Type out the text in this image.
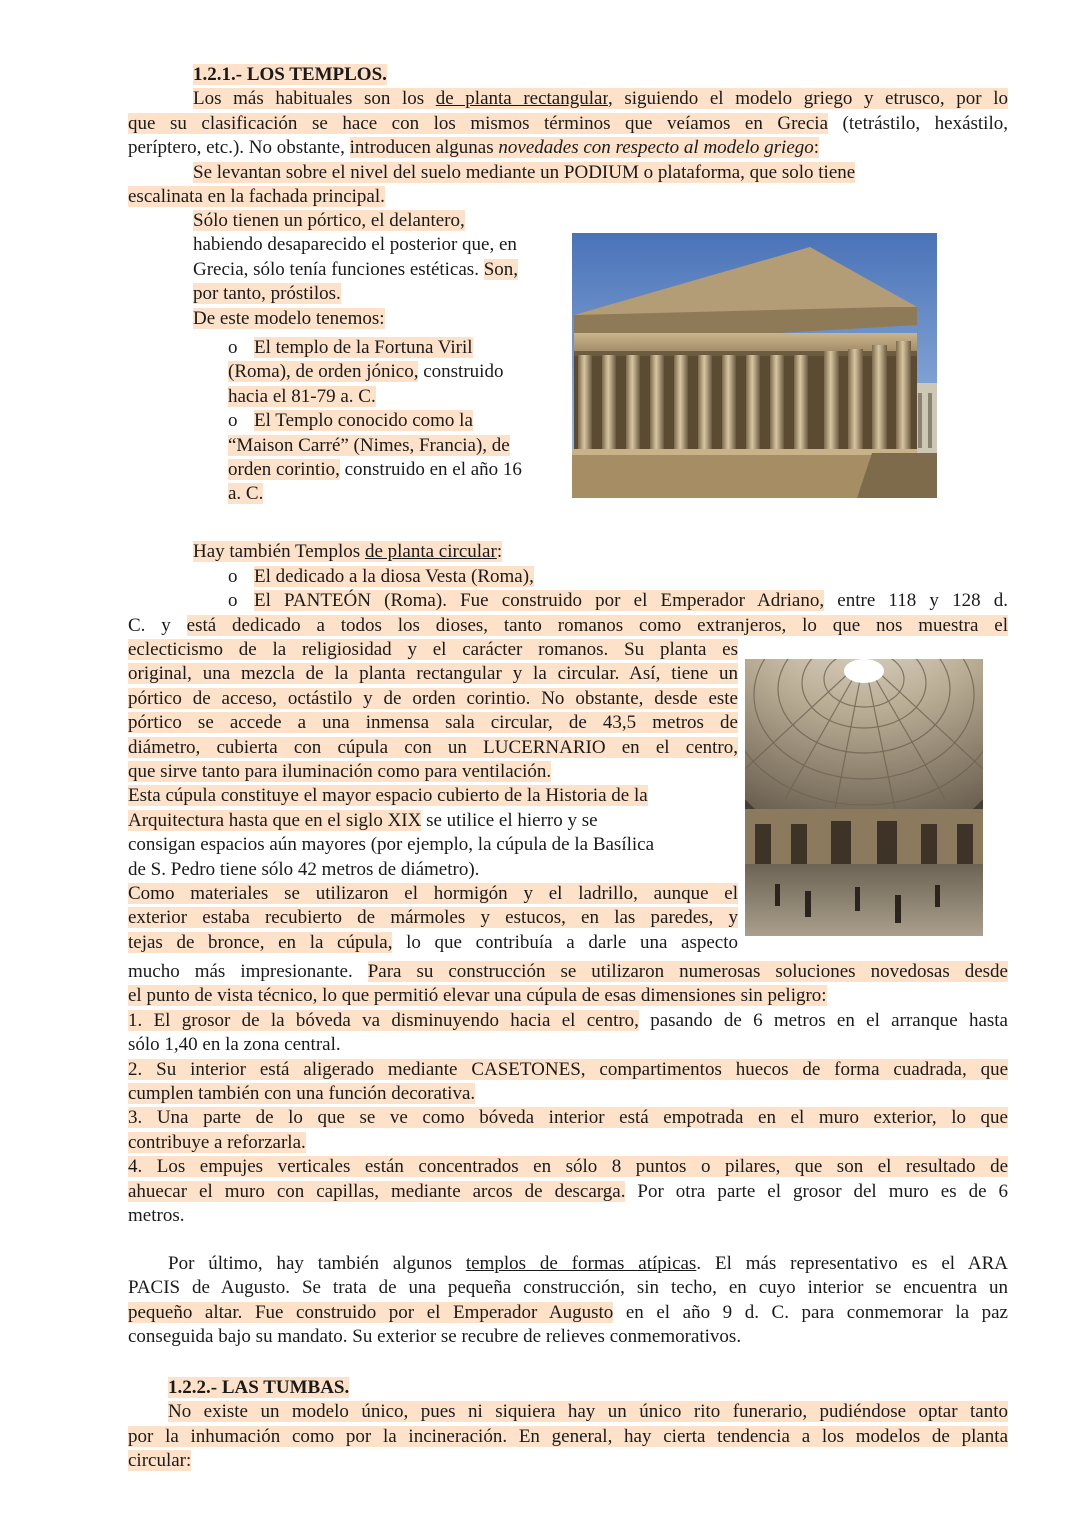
1.2.1.- LOS TEMPLOS.
Los más habituales son los de planta rectangular, siguiendo el modelo griego y etrusco, por lo
que su clasificación se hace con los mismos términos que veíamos en Grecia (tetrástilo, hexástilo,
períptero, etc.). No obstante, introducen algunas novedades con respecto al modelo griego:
Se levantan sobre el nivel del suelo mediante un PODIUM o plataforma, que solo tiene
escalinata en la fachada principal.
Sólo tienen un pórtico, el delantero,
habiendo desaparecido el posterior que, en
Grecia, sólo tenía funciones estéticas. Son,
por tanto, próstilos.
De este modelo tenemos:
o El templo de la Fortuna Viril
(Roma), de orden jónico, construido
hacia el 81-79 a. C.
o El Templo conocido como la
“Maison Carré” (Nimes, Francia), de
orden corintio, construido en el año 16
a. C.
Hay también Templos de planta circular:
o El dedicado a la diosa Vesta (Roma),
o El PANTEÓN (Roma). Fue construido por el Emperador Adriano, entre 118 y 128 d.
C. y está dedicado a todos los dioses, tanto romanos como extranjeros, lo que nos muestra el
eclecticismo de la religiosidad y el carácter romanos. Su planta es
original, una mezcla de la planta rectangular y la circular. Así, tiene un
pórtico de acceso, octástilo y de orden corintio. No obstante, desde este
pórtico se accede a una inmensa sala circular, de 43,5 metros de
diámetro, cubierta con cúpula con un LUCERNARIO en el centro,
que sirve tanto para iluminación como para ventilación.
Esta cúpula constituye el mayor espacio cubierto de la Historia de la
Arquitectura hasta que en el siglo XIX se utilice el hierro y se
consigan espacios aún mayores (por ejemplo, la cúpula de la Basílica
de S. Pedro tiene sólo 42 metros de diámetro).
Como materiales se utilizaron el hormigón y el ladrillo, aunque el
exterior estaba recubierto de mármoles y estucos, en las paredes, y
tejas de bronce, en la cúpula, lo que contribuía a darle una aspecto
mucho más impresionante. Para su construcción se utilizaron numerosas soluciones novedosas desde
el punto de vista técnico, lo que permitió elevar una cúpula de esas dimensiones sin peligro:
1. El grosor de la bóveda va disminuyendo hacia el centro, pasando de 6 metros en el arranque hasta
sólo 1,40 en la zona central.
2. Su interior está aligerado mediante CASETONES, compartimentos huecos de forma cuadrada, que
cumplen también con una función decorativa.
3. Una parte de lo que se ve como bóveda interior está empotrada en el muro exterior, lo que
contribuye a reforzarla.
4. Los empujes verticales están concentrados en sólo 8 puntos o pilares, que son el resultado de
ahuecar el muro con capillas, mediante arcos de descarga. Por otra parte el grosor del muro es de 6
metros.
Por último, hay también algunos templos de formas atípicas. El más representativo es el ARA
PACIS de Augusto. Se trata de una pequeña construcción, sin techo, en cuyo interior se encuentra un
pequeño altar. Fue construido por el Emperador Augusto en el año 9 d. C. para conmemorar la paz
conseguida bajo su mandato. Su exterior se recubre de relieves conmemorativos.
1.2.2.- LAS TUMBAS.
No existe un modelo único, pues ni siquiera hay un único rito funerario, pudiéndose optar tanto
por la inhumación como por la incineración. En general, hay cierta tendencia a los modelos de planta
circular:
